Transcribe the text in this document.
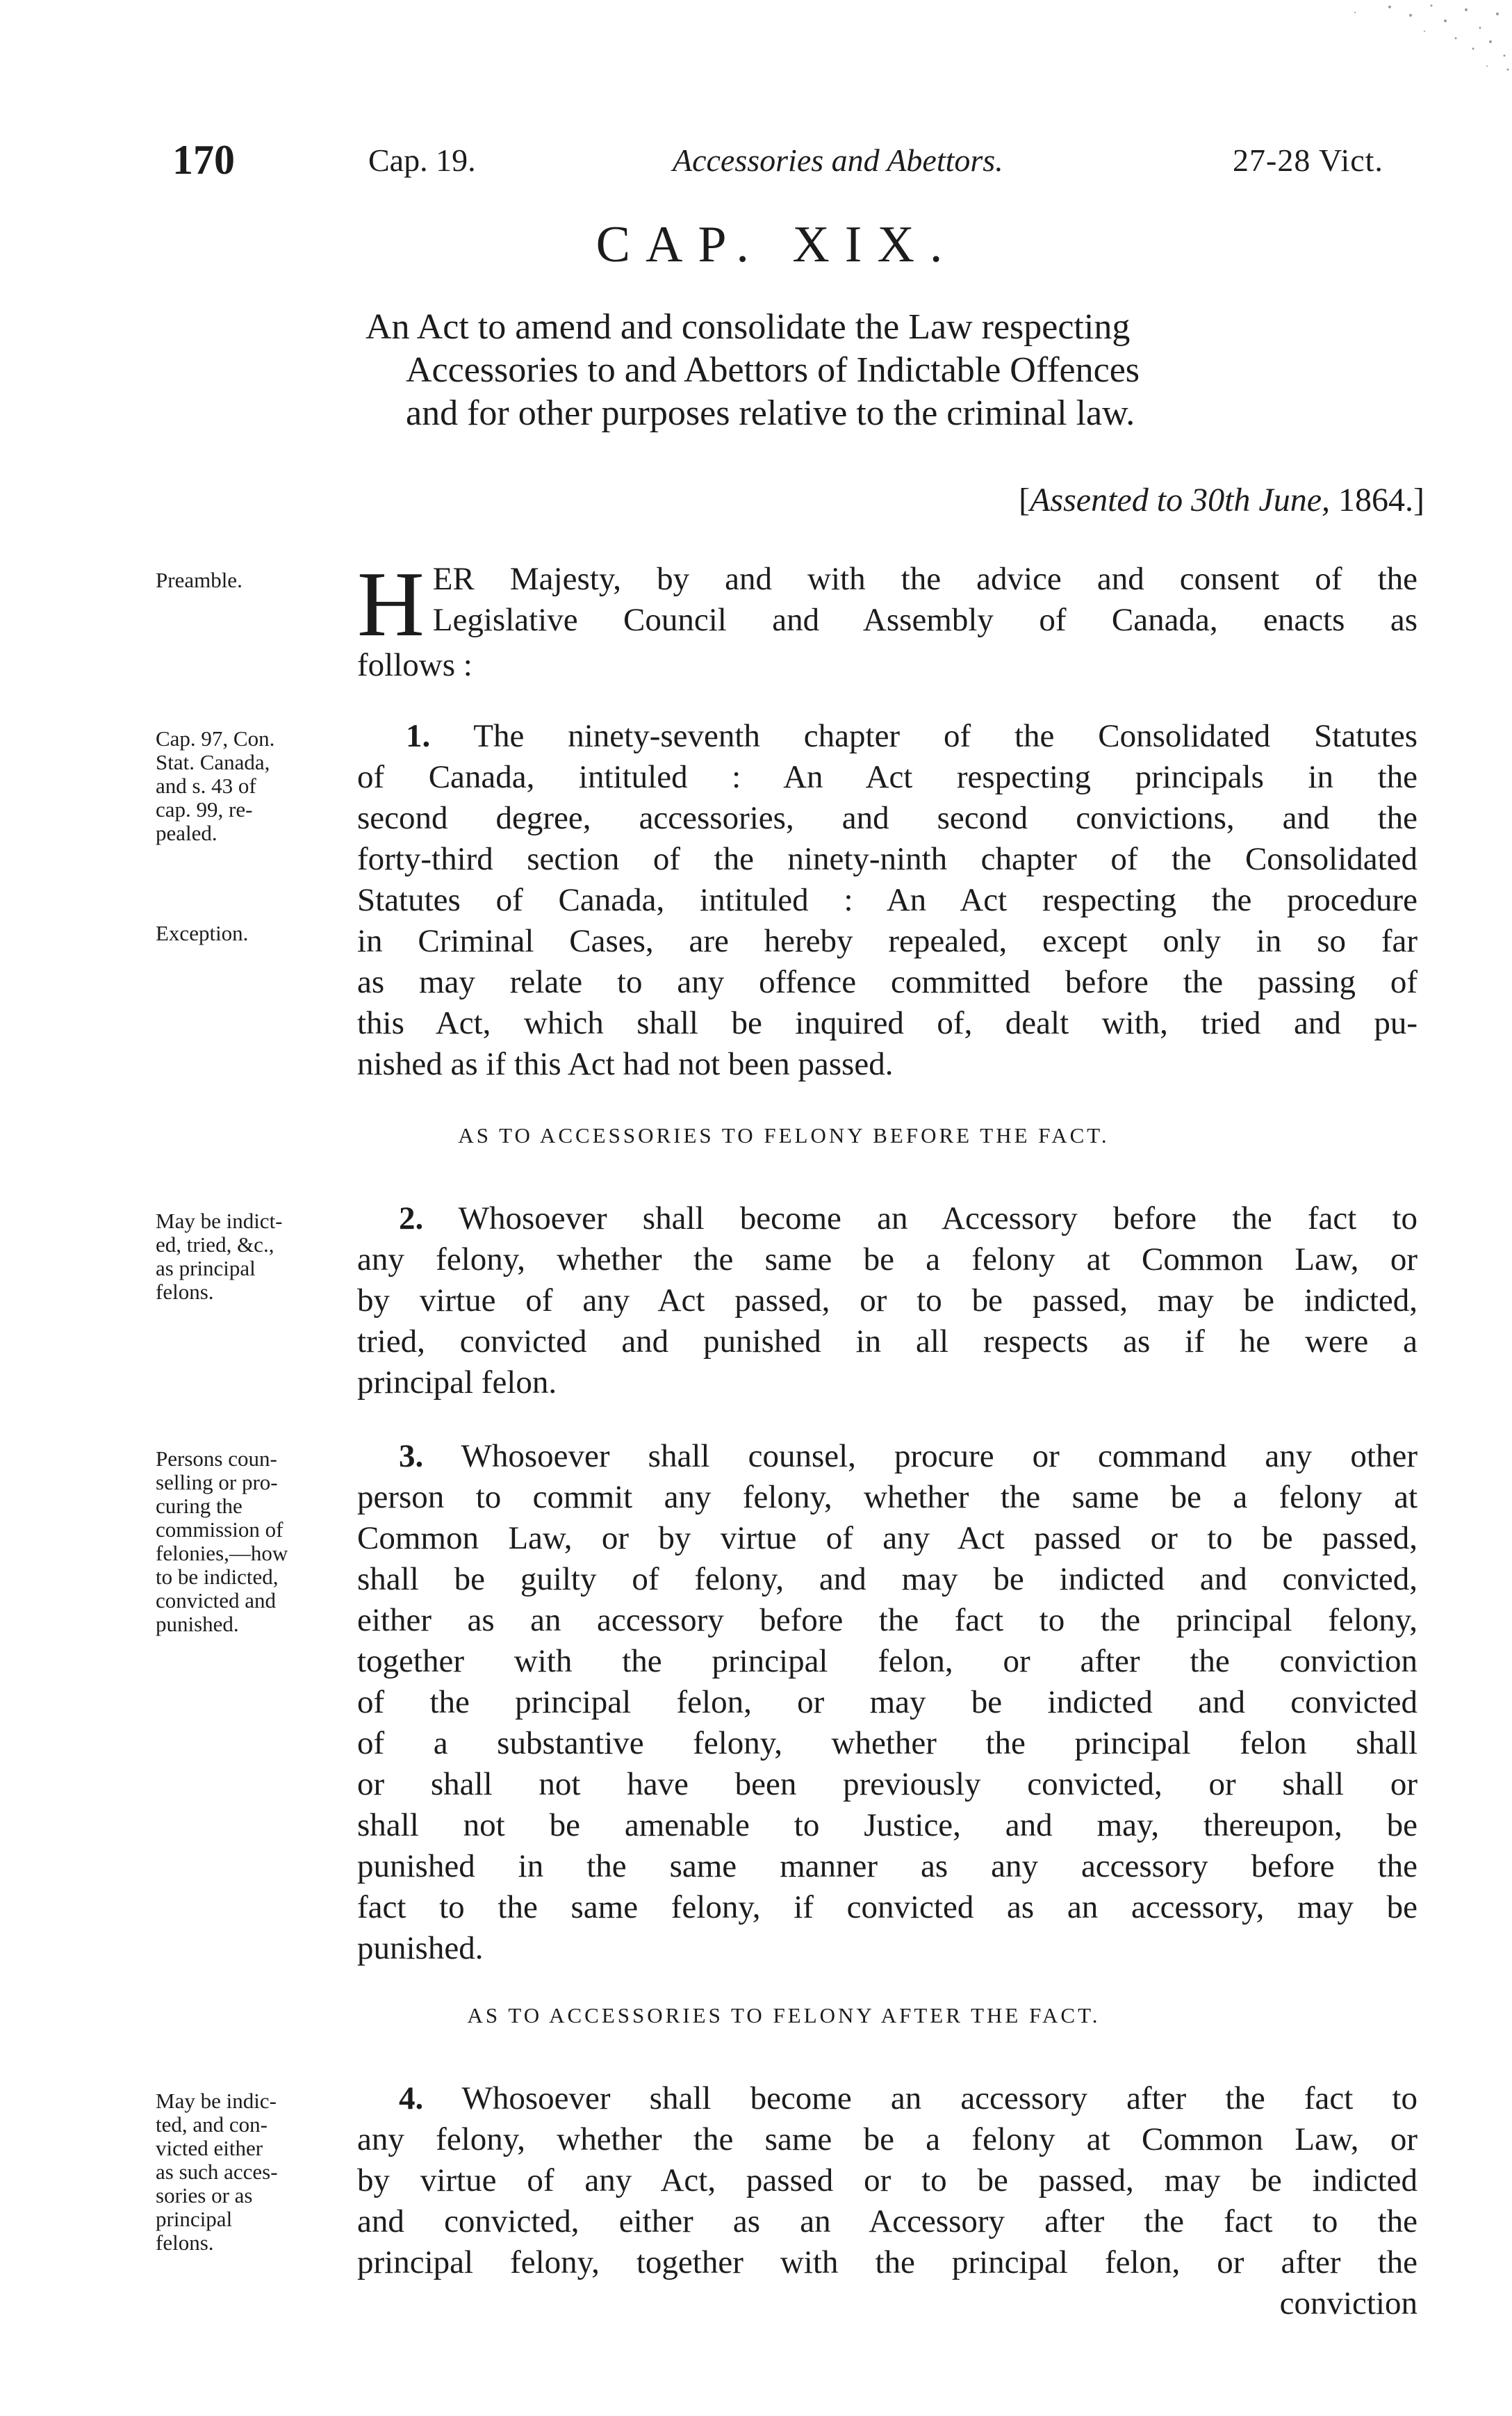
170	Cap. 19.	Accessories and Abettors.	27-28 Vict.
CAP. XIX.
An Act to amend and consolidate the Law respecting
Accessories to and Abettors of Indictable Offences
and for other purposes relative to the criminal law.
[Assented to 30th June, 1864.]
Preamble.	H ER Majesty, by and with the advice and consent of the
Legislative Council and Assembly of Canada, enacts as
follows :
Cap. 97, Con.
Stat. Canada,
and s. 43 of
cap. 99, re-
pealed.
Exception.
1. The ninety-seventh chapter of the Consolidated Statutes
of Canada, intituled : An Act respecting principals in the
second degree, accessories, and second convictions, and the
forty-third section of the ninety-ninth chapter of the Consolidated
Statutes of Canada, intituled : An Act respecting the procedure
in Criminal Cases, are hereby repealed, except only in so far
as may relate to any offence committed before the passing of
this Act, which shall be inquired of, dealt with, tried and pu-
nished as if this Act had not been passed.
AS TO ACCESSORIES TO FELONY BEFORE THE FACT.
May be indict-
ed, tried, &c.,
as principal
felons.
2. Whosoever shall become an Accessory before the fact to
any felony, whether the same be a felony at Common Law, or
by virtue of any Act passed, or to be passed, may be indicted,
tried, convicted and punished in all respects as if he were a
principal felon.
Persons coun-
selling or pro-
curing the
commission of
felonies,—how
to be indicted,
convicted and
punished.
3. Whosoever shall counsel, procure or command any other
person to commit any felony, whether the same be a felony at
Common Law, or by virtue of any Act passed or to be passed,
shall be guilty of felony, and may be indicted and convicted,
either as an accessory before the fact to the principal felony,
together with the principal felon, or after the conviction
of the principal felon, or may be indicted and convicted
of a substantive felony, whether the principal felon shall
or shall not have been previously convicted, or shall or
shall not be amenable to Justice, and may, thereupon, be
punished in the same manner as any accessory before the
fact to the same felony, if convicted as an accessory, may be
punished.
AS TO ACCESSORIES TO FELONY AFTER THE FACT.
May be indic-
ted, and con-
victed either
as such acces-
sories or as
principal
felons.
4. Whosoever shall become an accessory after the fact to
any felony, whether the same be a felony at Common Law, or
by virtue of any Act, passed or to be passed, may be indicted
and convicted, either as an Accessory after the fact to the
principal felony, together with the principal felon, or after the
conviction
